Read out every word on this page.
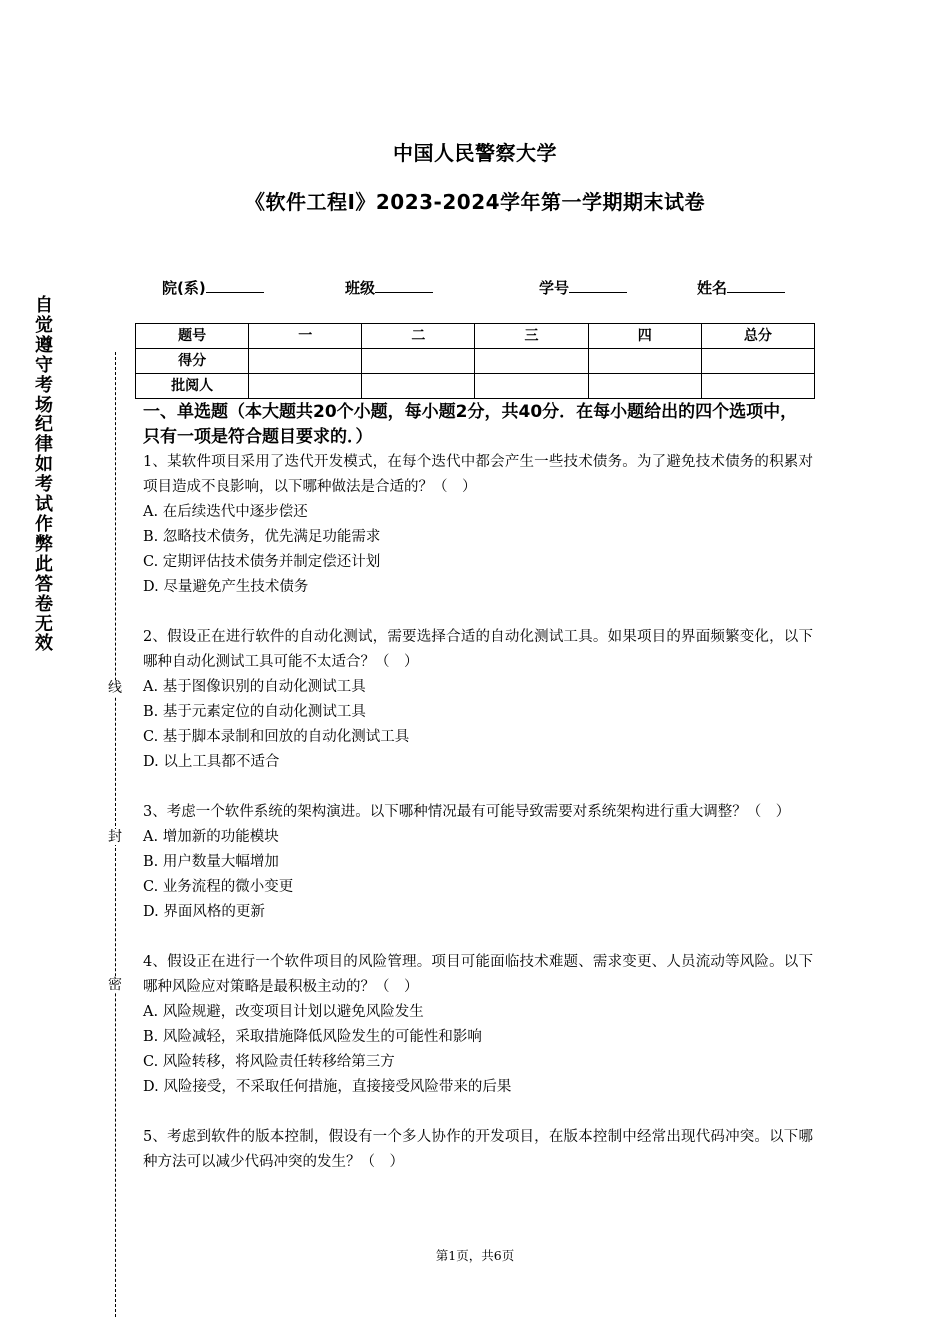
中国人民警察大学
《软件工程Ⅰ》2023-2024学年第一学期期末试卷
院(系)	班级	学号	姓名
题号	一	二	三	四	总分
得分					
批阅人					
自
觉
遵
守
考
场
纪
律
如
考
试
作
弊
此
答
卷
无
效
线
封
密

一、单选题（本大题共20个小题，每小题2分，共40分．在每小题给出的四个选项中，只有一项是符合题目要求的．）

1、某软件项目采用了迭代开发模式，在每个迭代中都会产生一些技术债务。为了避免技术债务的积累对项目造成不良影响，以下哪种做法是合适的？（　）

A. 在后续迭代中逐步偿还

B. 忽略技术债务，优先满足功能需求

C. 定期评估技术债务并制定偿还计划

D. 尽量避免产生技术债务

2、假设正在进行软件的自动化测试，需要选择合适的自动化测试工具。如果项目的界面频繁变化，以下哪种自动化测试工具可能不太适合？（　）

A. 基于图像识别的自动化测试工具

B. 基于元素定位的自动化测试工具

C. 基于脚本录制和回放的自动化测试工具

D. 以上工具都不适合

3、考虑一个软件系统的架构演进。以下哪种情况最有可能导致需要对系统架构进行重大调整？（　）

A. 增加新的功能模块

B. 用户数量大幅增加

C. 业务流程的微小变更

D. 界面风格的更新

4、假设正在进行一个软件项目的风险管理。项目可能面临技术难题、需求变更、人员流动等风险。以下哪种风险应对策略是最积极主动的？（　）

A. 风险规避，改变项目计划以避免风险发生

B. 风险减轻，采取措施降低风险发生的可能性和影响

C. 风险转移，将风险责任转移给第三方

D. 风险接受，不采取任何措施，直接接受风险带来的后果

5、考虑到软件的版本控制，假设有一个多人协作的开发项目，在版本控制中经常出现代码冲突。以下哪种方法可以减少代码冲突的发生？（　）

第1页，共6页
